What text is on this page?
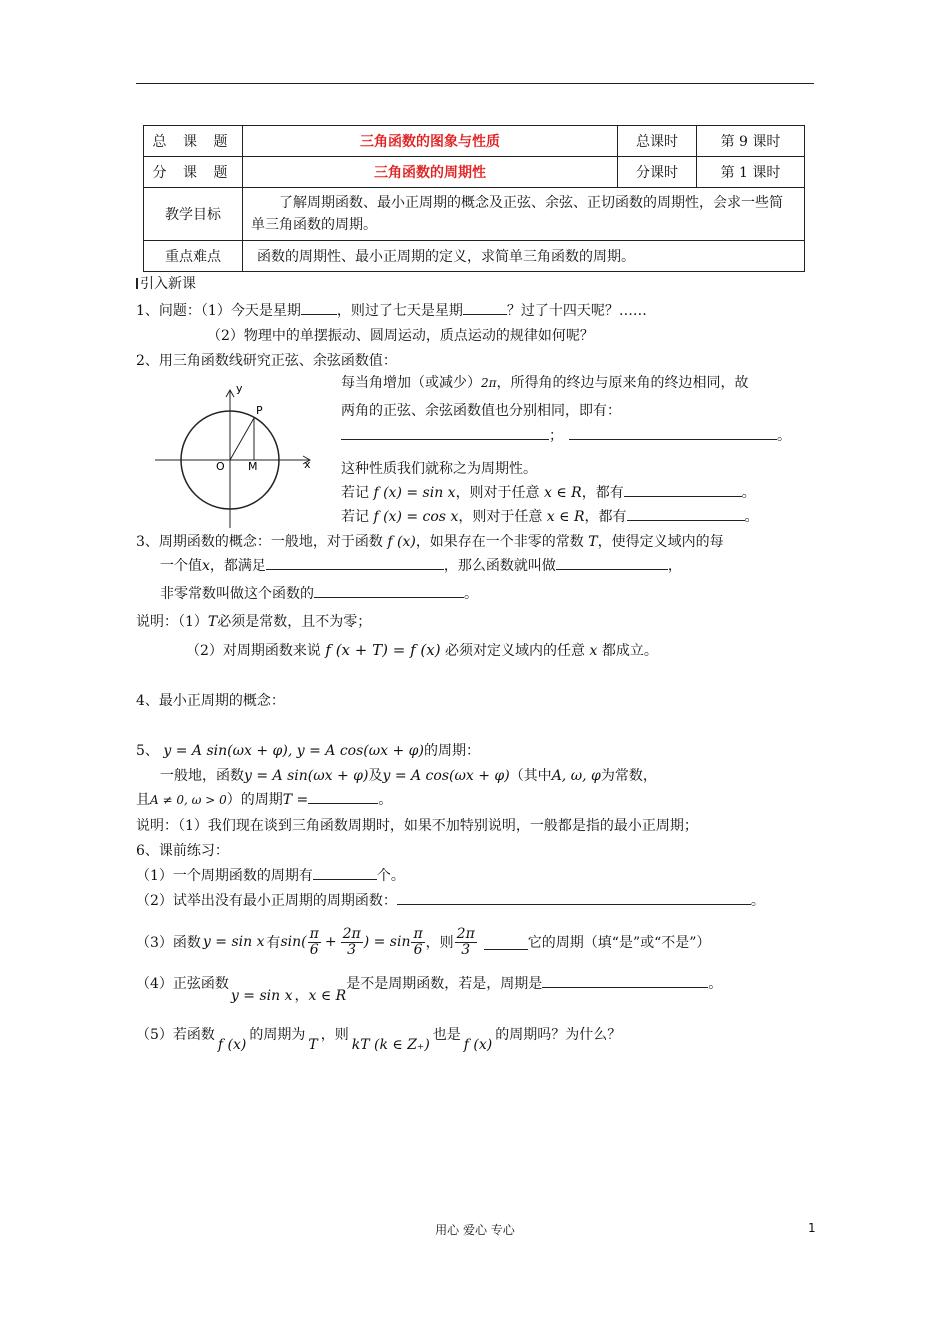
总 课 题	三角函数的图象与性质	总课时	第 9 课时
分 课 题	三角函数的周期性	分课时	第 1 课时
教学目标	了解周期函数、最小正周期的概念及正弦、余弦、正切函数的周期性，会求一些简单三角函数的周期。		
重点难点	函数的周期性、最小正周期的定义，求简单三角函数的周期。		
引入新课
1、问题：（1）今天是星期	，则过了七天是星期	？过了十四天呢？……
（2）物理中的单摆振动、圆周运动，质点运动的规律如何呢？
2、用三角函数线研究正弦、余弦函数值：
y
x
O M
P
每当角增加（或减少）2π，所得角的终边与原来角的终边相同，故
两角的正弦、余弦函数值也分别相同，即有：
；	。
这种性质我们就称之为周期性。
若记 f (x) = sin x，则对于任意 x ∈ R，都有	。
若记 f (x) = cos x，则对于任意 x ∈ R，都有	。
3、周期函数的概念：一般地，对于函数 f (x)，如果存在一个非零的常数 T，使得定义域内的每
一个值x，都满足	，那么函数就叫做	，
非零常数叫做这个函数的	。
说明：（1）T必须是常数，且不为零；
（2）对周期函数来说 f (x + T) = f (x) 必须对定义域内的任意 x 都成立。
4、最小正周期的概念：
5、 y = A sin(ωx + φ), y = A cos(ωx + φ)的周期：
一般地，函数y = A sin(ωx + φ)及y = A cos(ωx + φ)（其中A, ω, φ为常数，
且A ≠ 0, ω > 0）的周期T =	。
说明：（1）我们现在谈到三角函数周期时，如果不加特别说明，一般都是指的最小正周期；
6、课前练习：
（1）一个周期函数的周期有	个。
（2）试举出没有最小正周期的周期函数：	。
（3）函数 y = sin x 有 $\sin( \frac{\pi}{6} + \frac{2\pi}{3}$ ) = $\sin \frac{\pi}{6}$ ，则 $\frac{2\pi}{3}$	它的周期（填“是”或“不是”）
（4）正弦函数y = sin x ，x ∈ R是不是周期函数，若是，周期是	。
（5）若函数f (x)的周期为T，则kT (k ∈ Z₊)也是f (x)的周期吗？为什么？
用心 爱心 专心	1
